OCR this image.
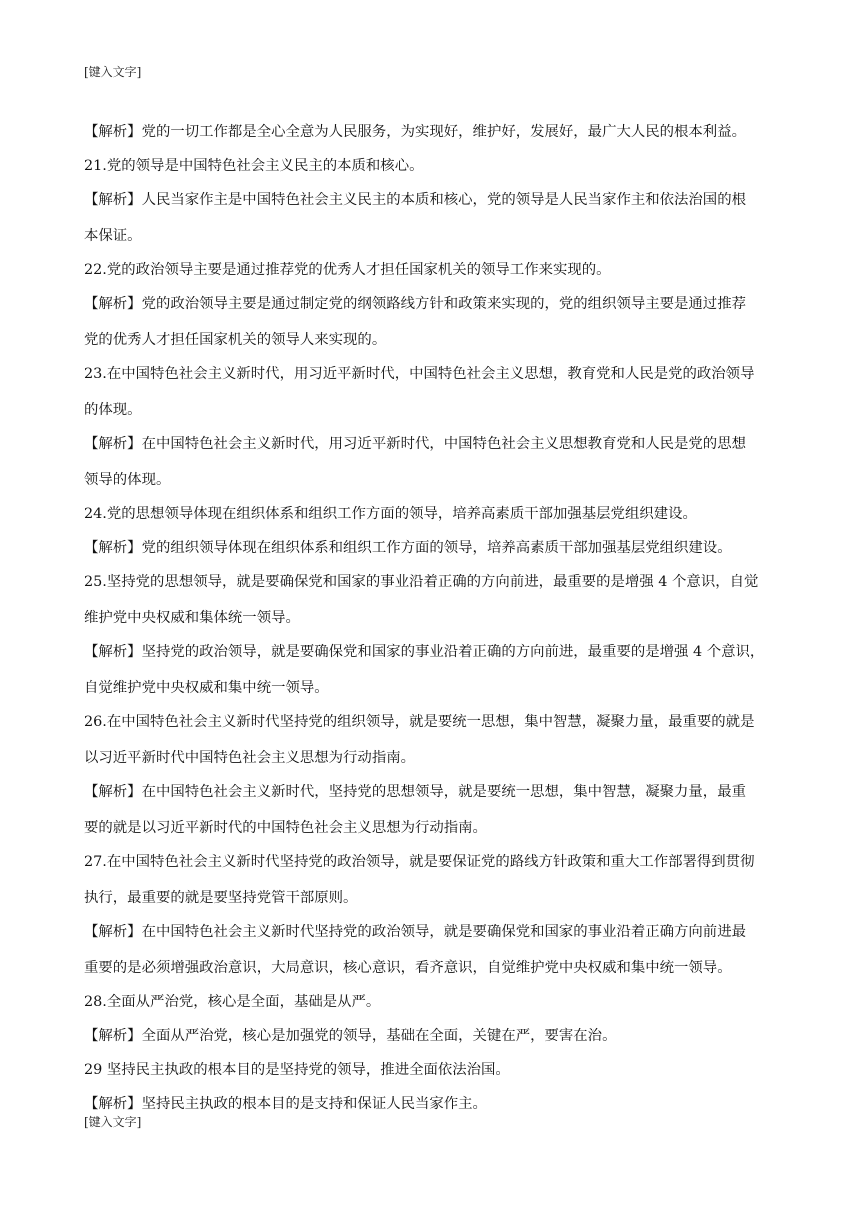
[键入文字]
【解析】党的一切工作都是全心全意为人民服务，为实现好，维护好，发展好，最广大人民的根本利益。
21.党的领导是中国特色社会主义民主的本质和核心。
【解析】人民当家作主是中国特色社会主义民主的本质和核心，党的领导是人民当家作主和依法治国的根
本保证。
22.党的政治领导主要是通过推荐党的优秀人才担任国家机关的领导工作来实现的。
【解析】党的政治领导主要是通过制定党的纲领路线方针和政策来实现的，党的组织领导主要是通过推荐
党的优秀人才担任国家机关的领导人来实现的。
23.在中国特色社会主义新时代，用习近平新时代，中国特色社会主义思想，教育党和人民是党的政治领导
的体现。
【解析】在中国特色社会主义新时代，用习近平新时代，中国特色社会主义思想教育党和人民是党的思想
领导的体现。
24.党的思想领导体现在组织体系和组织工作方面的领导，培养高素质干部加强基层党组织建设。
【解析】党的组织领导体现在组织体系和组织工作方面的领导，培养高素质干部加强基层党组织建设。
25.坚持党的思想领导，就是要确保党和国家的事业沿着正确的方向前进，最重要的是增强 4 个意识，自觉
维护党中央权威和集体统一领导。
【解析】坚持党的政治领导，就是要确保党和国家的事业沿着正确的方向前进，最重要的是增强 4 个意识，
自觉维护党中央权威和集中统一领导。
26.在中国特色社会主义新时代坚持党的组织领导，就是要统一思想，集中智慧，凝聚力量，最重要的就是
以习近平新时代中国特色社会主义思想为行动指南。
【解析】在中国特色社会主义新时代，坚持党的思想领导，就是要统一思想，集中智慧，凝聚力量，最重
要的就是以习近平新时代的中国特色社会主义思想为行动指南。
27.在中国特色社会主义新时代坚持党的政治领导，就是要保证党的路线方针政策和重大工作部署得到贯彻
执行，最重要的就是要坚持党管干部原则。
【解析】在中国特色社会主义新时代坚持党的政治领导，就是要确保党和国家的事业沿着正确方向前进最
重要的是必须增强政治意识，大局意识，核心意识，看齐意识，自觉维护党中央权威和集中统一领导。
28.全面从严治党，核心是全面，基础是从严。
【解析】全面从严治党，核心是加强党的领导，基础在全面，关键在严，要害在治。
29 坚持民主执政的根本目的是坚持党的领导，推进全面依法治国。
【解析】坚持民主执政的根本目的是支持和保证人民当家作主。
[键入文字]
